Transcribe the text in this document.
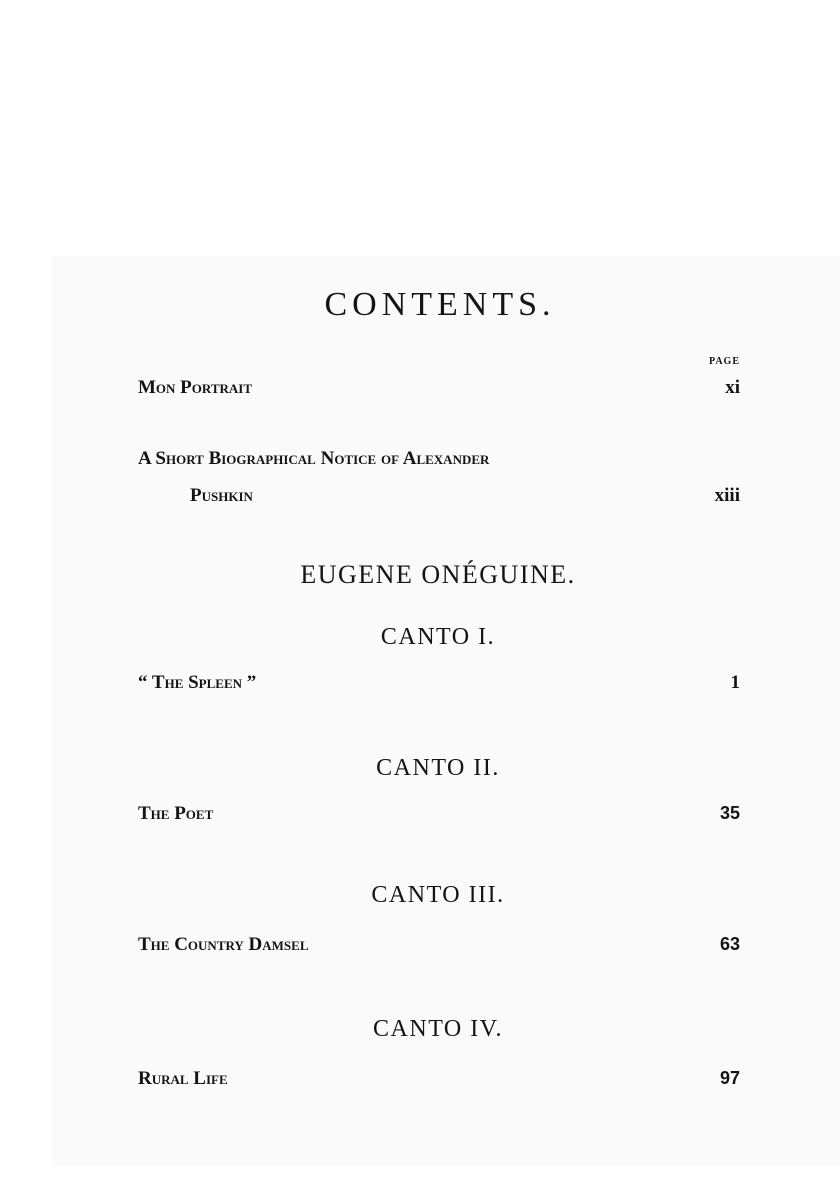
CONTENTS.
PAGE
Mon Portrait	xi
A Short Biographical Notice of Alexander
Pushkin	xiii
EUGENE ONÉGUINE.
CANTO I.
“ The Spleen ”	1
CANTO II.
The Poet	35
CANTO III.
The Country Damsel	63
CANTO IV.
Rural Life	97
